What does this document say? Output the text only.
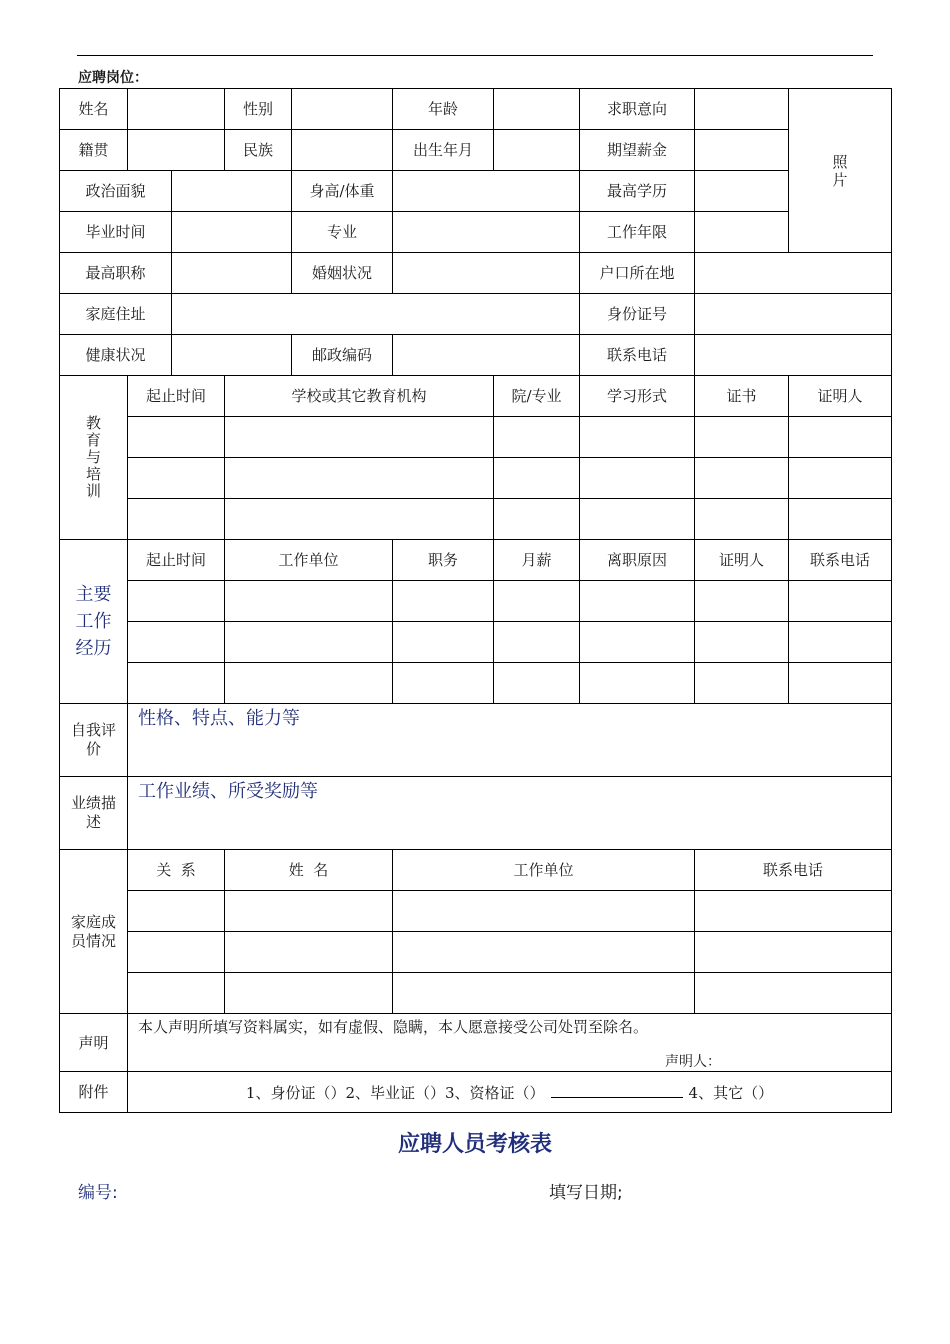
应聘岗位：
姓名			性别		年龄		求职意向		照片
籍贯			民族		出生年月		期望薪金		
政治面貌				身高/体重			最高学历		
毕业时间				专业			工作年限		
最高职称				婚姻状况			户口所在地		
家庭住址							身份证号		
健康状况				邮政编码			联系电话		
教育与培训	起止时间		学校或其它教育机构			院/专业	学习形式	证书	证明人

主要工作经历	起止时间		工作单位		职务	月薪	离职原因	证明人	联系电话

自我评价	性格、特点、能力等								
业绩描述	工作业绩、所受奖励等								
家庭成员情况	关  系		姓  名		工作单位			联系电话	

声明	本人声明所填写资料属实，如有虚假、隐瞒，本人愿意接受公司处罚至除名。
声明人：								

附件	1、身份证（）2、毕业证（）3、资格证（） 4、其它（）								
应聘人员考核表
编号:	填写日期;
